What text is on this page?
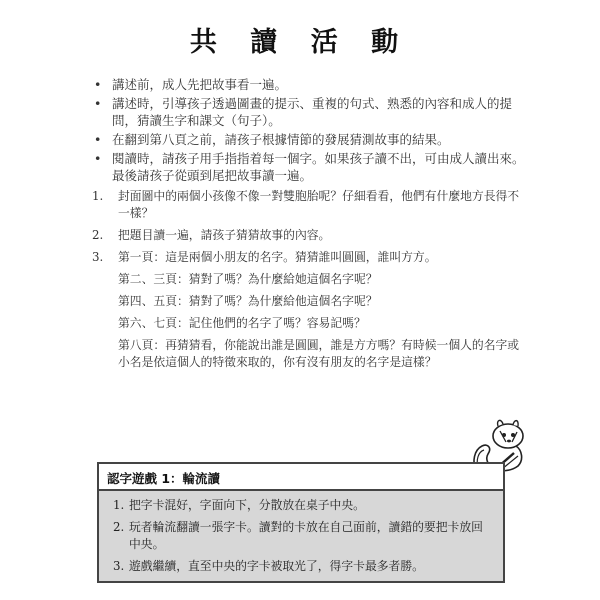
共 讀 活 動
• 講述前，成人先把故事看一遍。
• 講述時，引導孩子透過圖畫的提示、重複的句式、熟悉的內容和成人的提問，猜讀生字和課文（句子）。
• 在翻到第八頁之前，請孩子根據情節的發展猜測故事的結果。
• 閱讀時，請孩子用手指指着每一個字。如果孩子讀不出，可由成人讀出來。最後請孩子從頭到尾把故事讀一遍。
1.	封面圖中的兩個小孩像不像一對雙胞胎呢？仔細看看，他們有什麼地方長得不一樣？
2.	把題目讀一遍，請孩子猜猜故事的內容。
3.	第一頁：這是兩個小朋友的名字。猜猜誰叫圓圓，誰叫方方。
第二、三頁：猜對了嗎？為什麼給她這個名字呢？
第四、五頁：猜對了嗎？為什麼給他這個名字呢？
第六、七頁：記住他們的名字了嗎？容易記嗎？
第八頁：再猜猜看，你能說出誰是圓圓，誰是方方嗎？有時候一個人的名字或小名是依這個人的特徵來取的，你有沒有朋友的名字是這樣？
認字遊戲 1：輪流讀
1. 把字卡混好，字面向下，分散放在桌子中央。
2. 玩者輪流翻讀一張字卡。讀對的卡放在自己面前，讀錯的要把卡放回中央。
3. 遊戲繼續，直至中央的字卡被取光了，得字卡最多者勝。
